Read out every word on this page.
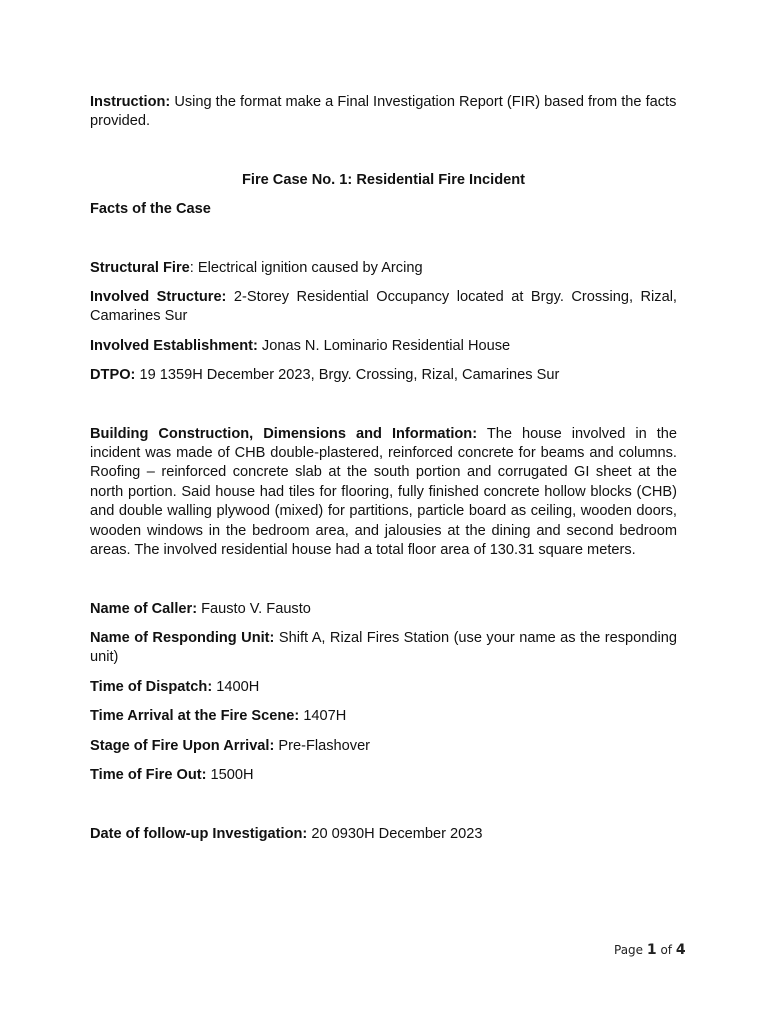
Instruction: Using the format make a Final Investigation Report (FIR) based from the facts provided.

Fire Case No. 1: Residential Fire Incident

Facts of the Case

Structural Fire: Electrical ignition caused by Arcing

Involved Structure: 2-Storey Residential Occupancy located at Brgy. Crossing, Rizal, Camarines Sur

Involved Establishment: Jonas N. Lominario Residential House

DTPO: 19 1359H December 2023, Brgy. Crossing, Rizal, Camarines Sur

Building Construction, Dimensions and Information: The house involved in the incident was made of CHB double-plastered, reinforced concrete for beams and columns. Roofing – reinforced concrete slab at the south portion and corrugated GI sheet at the north portion. Said house had tiles for flooring, fully finished concrete hollow blocks (CHB) and double walling plywood (mixed) for partitions, particle board as ceiling, wooden doors, wooden windows in the bedroom area, and jalousies at the dining and second bedroom areas. The involved residential house had a total floor area of 130.31 square meters.

Name of Caller: Fausto V. Fausto

Name of Responding Unit: Shift A, Rizal Fires Station (use your name as the responding unit)

Time of Dispatch: 1400H

Time Arrival at the Fire Scene: 1407H

Stage of Fire Upon Arrival: Pre-Flashover

Time of Fire Out: 1500H

Date of follow-up Investigation: 20 0930H December 2023

Page 1 of 4
